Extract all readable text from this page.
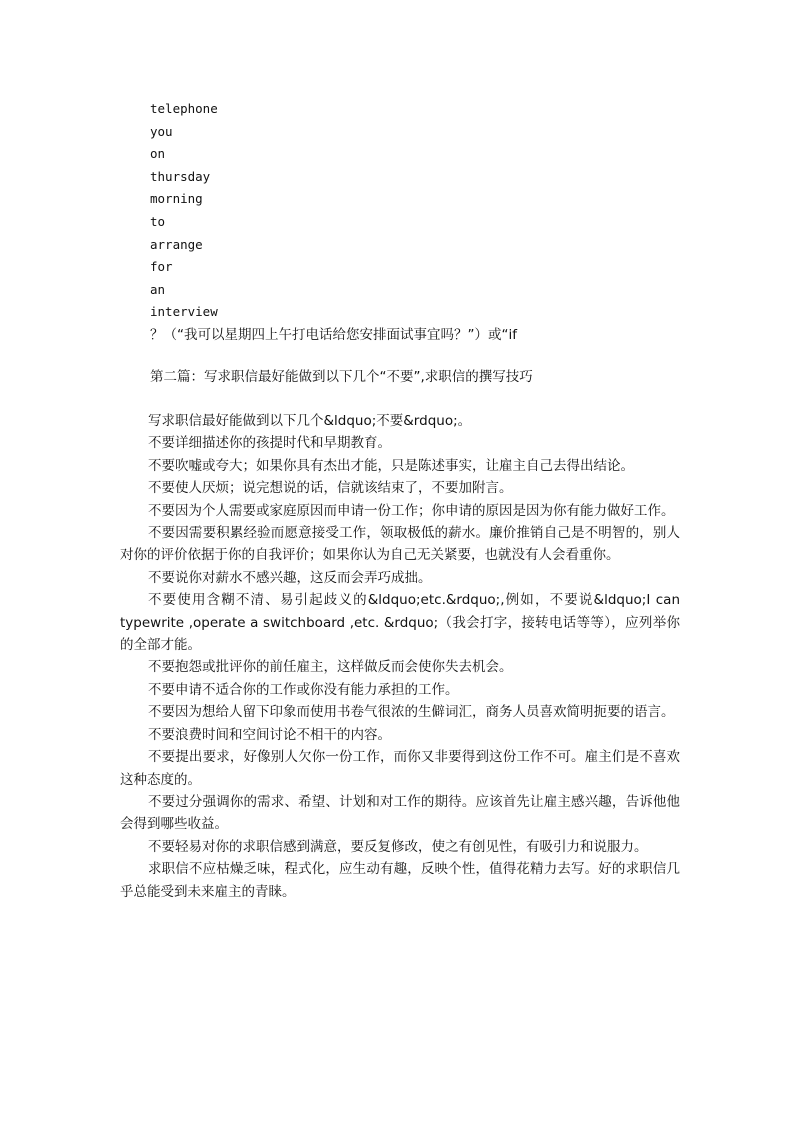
telephone
you
on
thursday
morning
to
arrange
for
an
interview
？（“我可以星期四上午打电话给您安排面试事宜吗？”）或“if
第二篇：写求职信最好能做到以下几个“不要”,求职信的撰写技巧

写求职信最好能做到以下几个&ldquo;不要&rdquo;。

不要详细描述你的孩提时代和早期教育。

不要吹嘘或夸大；如果你具有杰出才能，只是陈述事实，让雇主自己去得出结论。

不要使人厌烦；说完想说的话，信就该结束了，不要加附言。

不要因为个人需要或家庭原因而申请一份工作；你申请的原因是因为你有能力做好工作。

不要因需要积累经验而愿意接受工作，领取极低的薪水。廉价推销自己是不明智的，别人对你的评价依据于你的自我评价；如果你认为自己无关紧要，也就没有人会看重你。

不要说你对薪水不感兴趣，这反而会弄巧成拙。

不要使用含糊不清、易引起歧义的&ldquo;etc.&rdquo;,例如，不要说&ldquo;I can typewrite ,operate a switchboard ,etc. &rdquo;（我会打字，接转电话等等），应列举你的全部才能。

不要抱怨或批评你的前任雇主，这样做反而会使你失去机会。

不要申请不适合你的工作或你没有能力承担的工作。

不要因为想给人留下印象而使用书卷气很浓的生僻词汇，商务人员喜欢简明扼要的语言。

不要浪费时间和空间讨论不相干的内容。

不要提出要求，好像别人欠你一份工作，而你又非要得到这份工作不可。雇主们是不喜欢这种态度的。

不要过分强调你的需求、希望、计划和对工作的期待。应该首先让雇主感兴趣，告诉他他会得到哪些收益。

不要轻易对你的求职信感到满意，要反复修改，使之有创见性，有吸引力和说服力。

求职信不应枯燥乏味，程式化，应生动有趣，反映个性，值得花精力去写。好的求职信几乎总能受到未来雇主的青睐。
